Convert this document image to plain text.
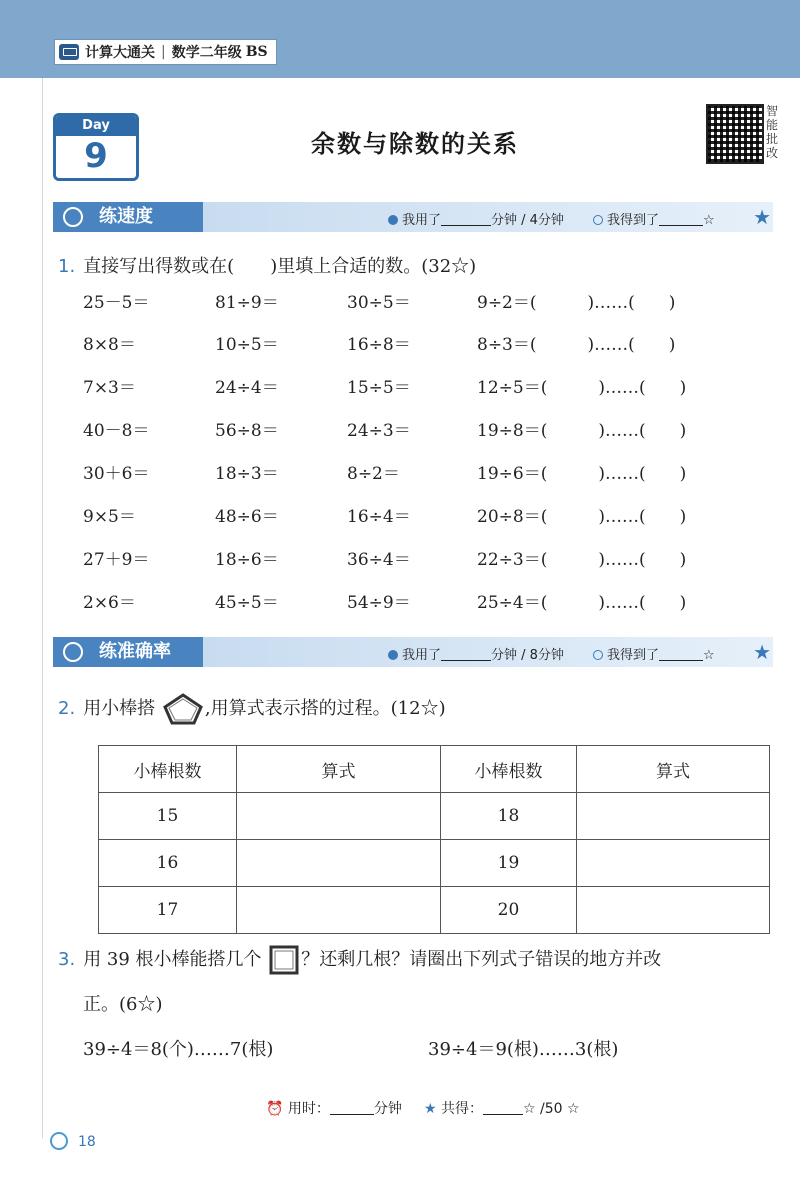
计算大通关 | 数学二年级 BS
Day
9	余数与除数的关系
智能批改
练速度	我用了	分钟 / 4分钟	我得到了	☆ ★
1. 直接写出得数或在(　　)里填上合适的数。(32☆)
25－5＝	81÷9＝	30÷5＝	9÷2＝(　　　)……(　　)
8×8＝	10÷5＝	16÷8＝	8÷3＝(　　　)……(　　)
7×3＝	24÷4＝	15÷5＝	12÷5＝(　　　)……(　　)
40－8＝	56÷8＝	24÷3＝	19÷8＝(　　　)……(　　)
30＋6＝	18÷3＝	8÷2＝	19÷6＝(　　　)……(　　)
9×5＝	48÷6＝	16÷4＝	20÷8＝(　　　)……(　　)
27＋9＝	18÷6＝	36÷4＝	22÷3＝(　　　)……(　　)
2×6＝	45÷5＝	54÷9＝	25÷4＝(　　　)……(　　)
练准确率	我用了	分钟 / 8分钟	我得到了	☆ ★
2. 用小棒搭	,用算式表示搭的过程。(12☆)
小棒根数	算式	小棒根数	算式
15		18	
16		19	
17		20	
3. 用 39 根小棒能搭几个 ？还剩几根？请圈出下列式子错误的地方并改
正。(6☆)
39÷4＝8(个)……7(根)	39÷4＝9(根)……3(根)
⏰ 用时：	分钟 ★ 共得：	☆ /50 ☆
18
